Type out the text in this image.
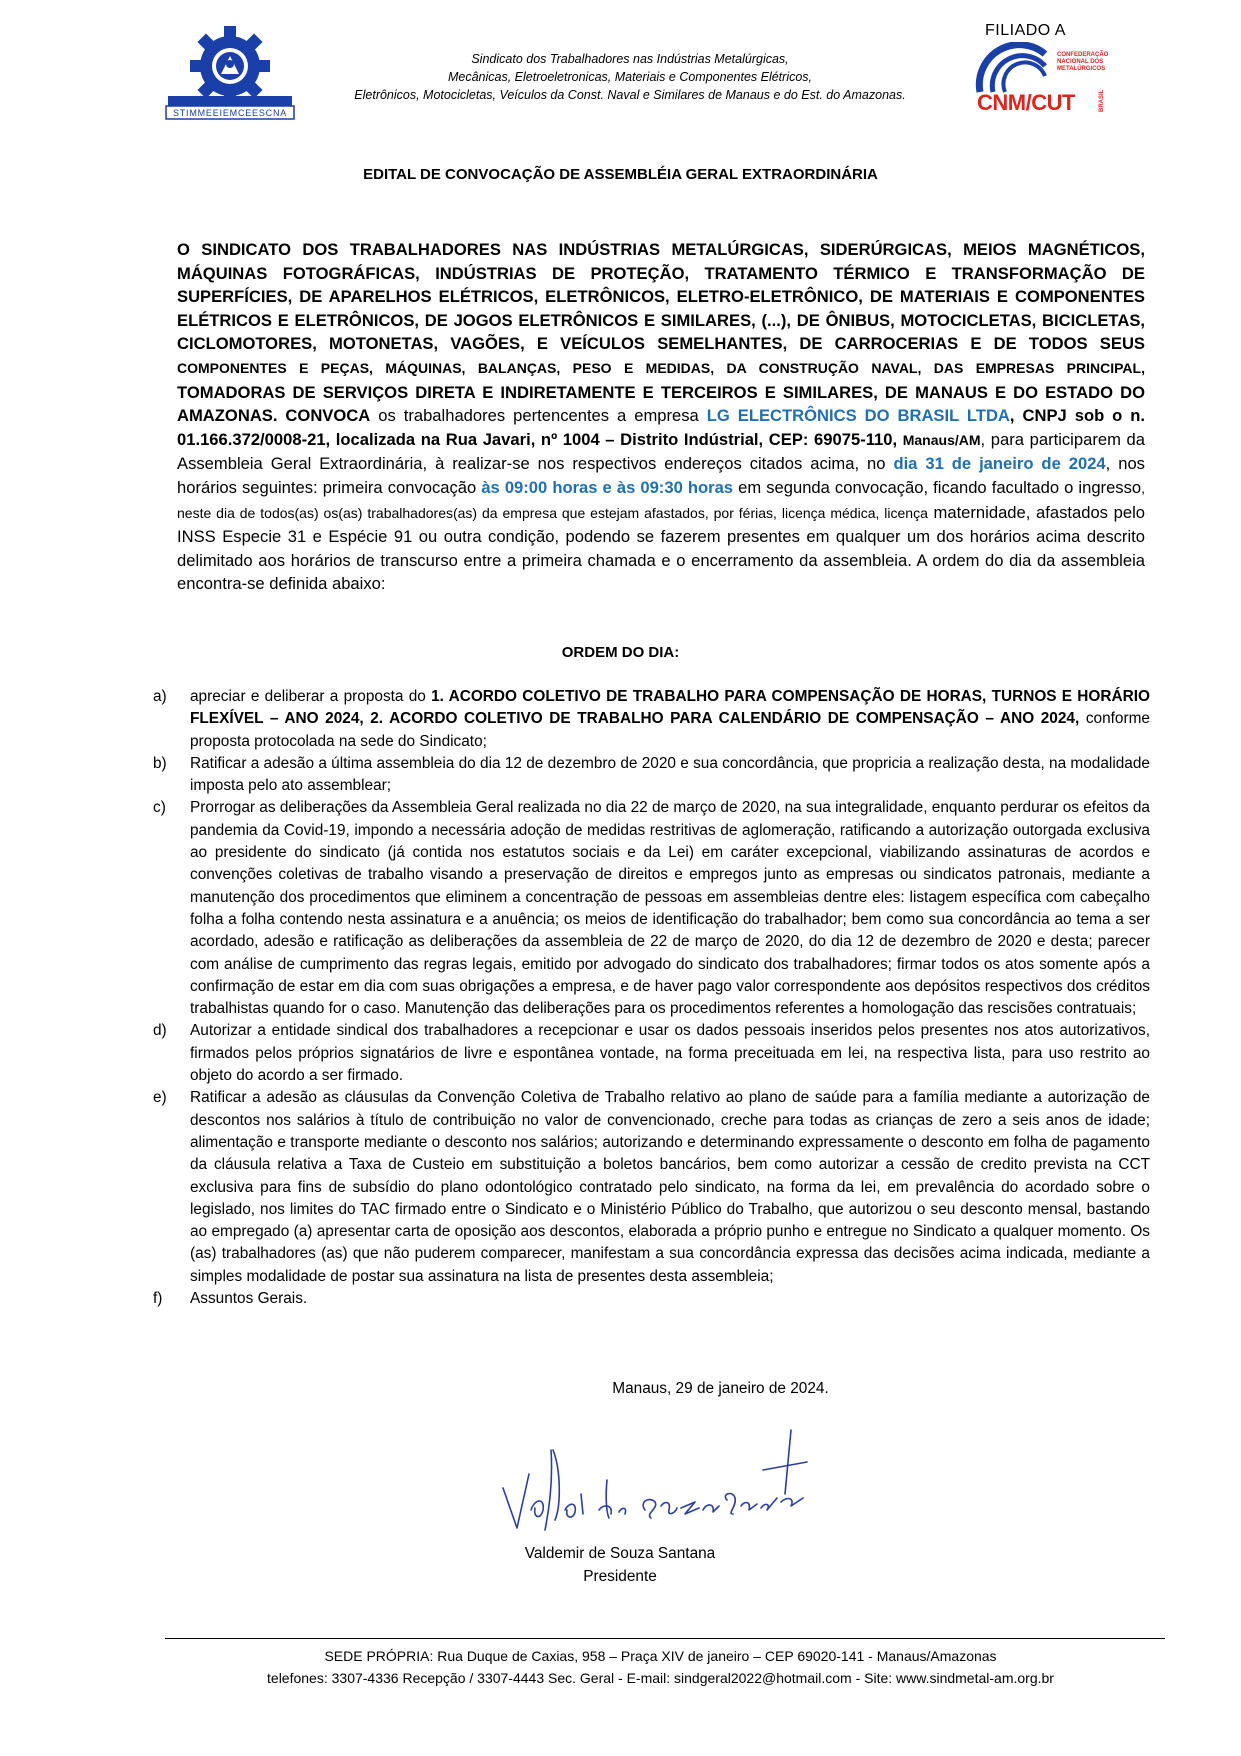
STIMMEEIEMCEESCNA
Sindicato dos Trabalhadores nas Indústrias Metalúrgicas,
Mecânicas, Eletroeletronicas, Materiais e Componentes Elétricos,
Eletrônicos, Motocicletas, Veículos da Const. Naval e Similares de Manaus e do Est. do Amazonas.
FILIADO A
CONFEDERAÇÃO
NACIONAL DOS
METALÚRGICOS
CNM/CUT	BRASIL
EDITAL DE CONVOCAÇÃO DE ASSEMBLÉIA GERAL EXTRAORDINÁRIA
O SINDICATO DOS TRABALHADORES NAS INDÚSTRIAS METALÚRGICAS, SIDERÚRGICAS, MEIOS MAGNÉTICOS, MÁQUINAS FOTOGRÁFICAS, INDÚSTRIAS DE PROTEÇÃO, TRATAMENTO TÉRMICO E TRANSFORMAÇÃO DE SUPERFÍCIES, DE APARELHOS ELÉTRICOS, ELETRÔNICOS, ELETRO-ELETRÔNICO, DE MATERIAIS E COMPONENTES ELÉTRICOS E ELETRÔNICOS, DE JOGOS ELETRÔNICOS E SIMILARES, (...), DE ÔNIBUS, MOTOCICLETAS, BICICLETAS, CICLOMOTORES, MOTONETAS, VAGÕES, E VEÍCULOS SEMELHANTES, DE CARROCERIAS E DE TODOS SEUS COMPONENTES E PEÇAS, MÁQUINAS, BALANÇAS, PESO E MEDIDAS, DA CONSTRUÇÃO NAVAL, DAS EMPRESAS PRINCIPAL, TOMADORAS DE SERVIÇOS DIRETA E INDIRETAMENTE E TERCEIROS E SIMILARES, DE MANAUS E DO ESTADO DO AMAZONAS. CONVOCA os trabalhadores pertencentes a empresa LG ELECTRÔNICS DO BRASIL LTDA, CNPJ sob o n. 01.166.372/0008-21, localizada na Rua Javari, nº 1004 – Distrito Indústrial, CEP: 69075-110, Manaus/AM, para participarem da Assembleia Geral Extraordinária, à realizar-se nos respectivos endereços citados acima, no dia 31 de janeiro de 2024, nos horários seguintes: primeira convocação às 09:00 horas e às 09:30 horas em segunda convocação, ficando facultado o ingresso, neste dia de todos(as) os(as) trabalhadores(as) da empresa que estejam afastados, por férias, licença médica, licença maternidade, afastados pelo INSS Especie 31 e Espécie 91 ou outra condição, podendo se fazerem presentes em qualquer um dos horários acima descrito delimitado aos horários de transcurso entre a primeira chamada e o encerramento da assembleia. A ordem do dia da assembleia encontra-se definida abaixo:
ORDEM DO DIA:
a) apreciar e deliberar a proposta do 1. ACORDO COLETIVO DE TRABALHO PARA COMPENSAÇÃO DE HORAS, TURNOS E HORÁRIO FLEXÍVEL – ANO 2024, 2. ACORDO COLETIVO DE TRABALHO PARA CALENDÁRIO DE COMPENSAÇÃO – ANO 2024, conforme proposta protocolada na sede do Sindicato;
b) Ratificar a adesão a última assembleia do dia 12 de dezembro de 2020 e sua concordância, que propricia a realização desta, na modalidade imposta pelo ato assemblear;
c) Prorrogar as deliberações da Assembleia Geral realizada no dia 22 de março de 2020, na sua integralidade, enquanto perdurar os efeitos da pandemia da Covid-19, impondo a necessária adoção de medidas restritivas de aglomeração, ratificando a autorização outorgada exclusiva ao presidente do sindicato (já contida nos estatutos sociais e da Lei) em caráter excepcional, viabilizando assinaturas de acordos e convenções coletivas de trabalho visando a preservação de direitos e empregos junto as empresas ou sindicatos patronais, mediante a manutenção dos procedimentos que eliminem a concentração de pessoas em assembleias dentre eles: listagem específica com cabeçalho folha a folha contendo nesta assinatura e a anuência; os meios de identificação do trabalhador; bem como sua concordância ao tema a ser acordado, adesão e ratificação as deliberações da assembleia de 22 de março de 2020, do dia 12 de dezembro de 2020 e desta; parecer com análise de cumprimento das regras legais, emitido por advogado do sindicato dos trabalhadores; firmar todos os atos somente após a confirmação de estar em dia com suas obrigações a empresa, e de haver pago valor correspondente aos depósitos respectivos dos créditos trabalhistas quando for o caso. Manutenção das deliberações para os procedimentos referentes a homologação das rescisões contratuais;
d) Autorizar a entidade sindical dos trabalhadores a recepcionar e usar os dados pessoais inseridos pelos presentes nos atos autorizativos, firmados pelos próprios signatários de livre e espontânea vontade, na forma preceituada em lei, na respectiva lista, para uso restrito ao objeto do acordo a ser firmado.
e) Ratificar a adesão as cláusulas da Convenção Coletiva de Trabalho relativo ao plano de saúde para a família mediante a autorização de descontos nos salários à título de contribuição no valor de convencionado, creche para todas as crianças de zero a seis anos de idade; alimentação e transporte mediante o desconto nos salários; autorizando e determinando expressamente o desconto em folha de pagamento da cláusula relativa a Taxa de Custeio em substituição a boletos bancários, bem como autorizar a cessão de credito prevista na CCT exclusiva para fins de subsídio do plano odontológico contratado pelo sindicato, na forma da lei, em prevalência do acordado sobre o legislado, nos limites do TAC firmado entre o Sindicato e o Ministério Público do Trabalho, que autorizou o seu desconto mensal, bastando ao empregado (a) apresentar carta de oposição aos descontos, elaborada a próprio punho e entregue no Sindicato a qualquer momento. Os (as) trabalhadores (as) que não puderem comparecer, manifestam a sua concordância expressa das decisões acima indicada, mediante a simples modalidade de postar sua assinatura na lista de presentes desta assembleia;
f) Assuntos Gerais.
Manaus, 29 de janeiro de 2024.
Valdemir de Souza Santana
Presidente
SEDE PRÓPRIA: Rua Duque de Caxias, 958 – Praça XIV de janeiro – CEP 69020-141 - Manaus/Amazonas
telefones: 3307-4336 Recepção / 3307-4443 Sec. Geral - E-mail: sindgeral2022@hotmail.com - Site: www.sindmetal-am.org.br
